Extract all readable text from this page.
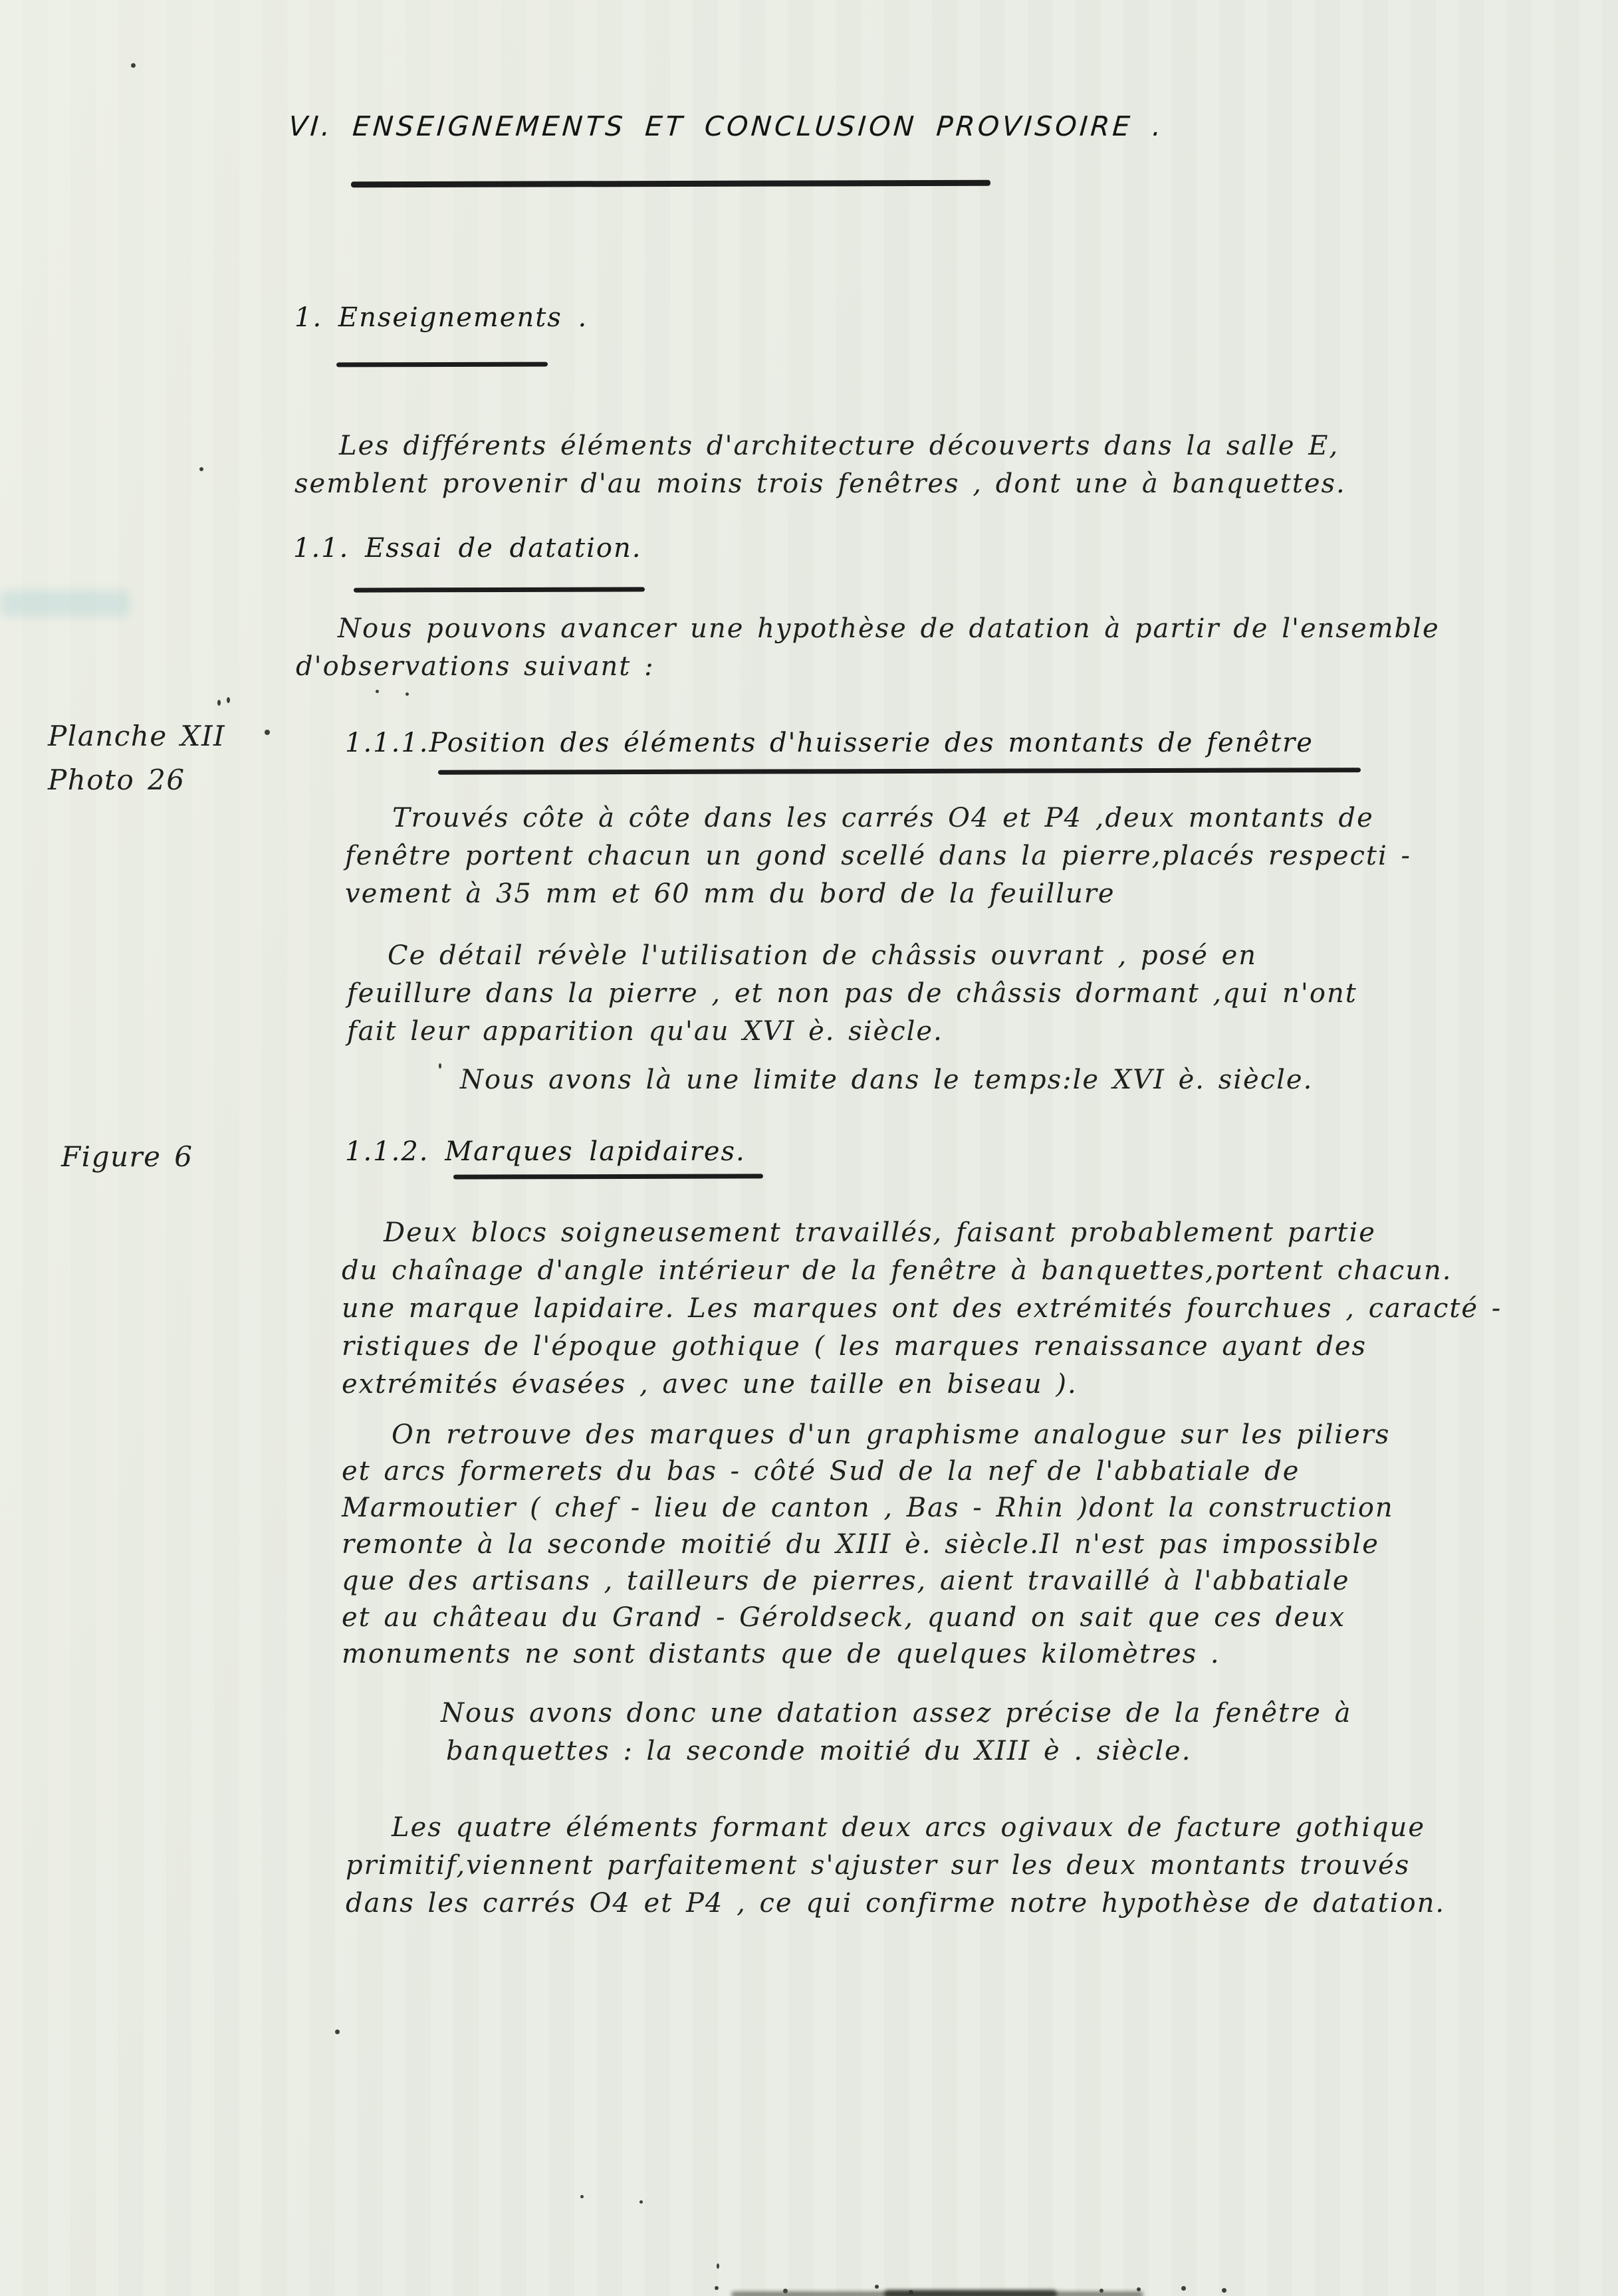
VI. ENSEIGNEMENTS ET CONCLUSION PROVISOIRE .
1. Enseignements .
Les différents éléments d'architecture découverts dans la salle E,
semblent provenir d'au moins trois fenêtres , dont une à banquettes.
1.1. Essai de datation.
Nous pouvons avancer une hypothèse de datation à partir de l'ensemble
d'observations suivant :
Planche XII
Photo 26
1.1.1.Position des éléments d'huisserie des montants de fenêtre
Trouvés côte à côte dans les carrés O4 et P4 ,deux montants de
fenêtre portent chacun un gond scellé dans la pierre,placés respecti -
vement à 35 mm et 60 mm du bord de la feuillure
Ce détail révèle l'utilisation de châssis ouvrant , posé en
feuillure dans la pierre , et non pas de châssis dormant ,qui n'ont
fait leur apparition qu'au XVI è. siècle.
Nous avons là une limite dans le temps:le XVI è. siècle.
Figure 6	1.1.2. Marques lapidaires.
Deux blocs soigneusement travaillés, faisant probablement partie
du chaînage d'angle intérieur de la fenêtre à banquettes,portent chacun.
une marque lapidaire. Les marques ont des extrémités fourchues , caracté -
ristiques de l'époque gothique ( les marques renaissance ayant des
extrémités évasées , avec une taille en biseau ).
On retrouve des marques d'un graphisme analogue sur les piliers
et arcs formerets du bas - côté Sud de la nef de l'abbatiale de
Marmoutier ( chef - lieu de canton , Bas - Rhin )dont la construction
remonte à la seconde moitié du XIII è. siècle.Il n'est pas impossible
que des artisans , tailleurs de pierres, aient travaillé à l'abbatiale
et au château du Grand - Géroldseck, quand on sait que ces deux
monuments ne sont distants que de quelques kilomètres .
Nous avons donc une datation assez précise de la fenêtre à
banquettes : la seconde moitié du XIII è . siècle.
Les quatre éléments formant deux arcs ogivaux de facture gothique
primitif,viennent parfaitement s'ajuster sur les deux montants trouvés
dans les carrés O4 et P4 , ce qui confirme notre hypothèse de datation.
